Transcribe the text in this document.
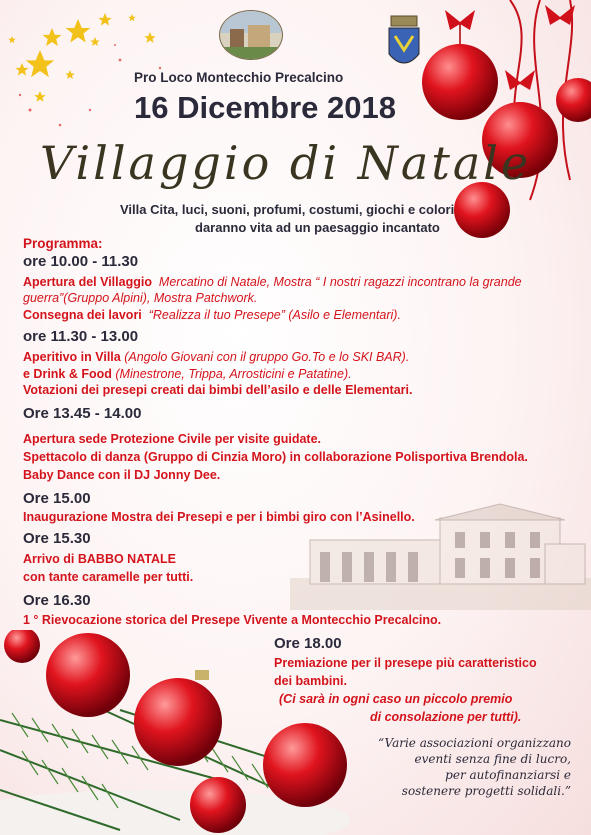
Pro Loco Montecchio Precalcino
16 Dicembre 2018
Villaggio di Natale
Villa Cita, luci, suoni, profumi, costumi, giochi e colori
daranno vita ad un paesaggio incantato
Programma:
ore 10.00 - 11.30
Apertura del Villaggio Mercatino di Natale, Mostra “ I nostri ragazzi incontrano la grande
guerra”(Gruppo Alpini), Mostra Patchwork.
Consegna dei lavori “Realizza il tuo Presepe” (Asilo e Elementari).
ore 11.30 - 13.00
Aperitivo in Villa (Angolo Giovani con il gruppo Go.To e lo SKI BAR).
e Drink & Food (Minestrone, Trippa, Arrosticini e Patatine).
Votazioni dei presepi creati dai bimbi dell’asilo e delle Elementari.
Ore 13.45 - 14.00
Apertura sede Protezione Civile per visite guidate.
Spettacolo di danza (Gruppo di Cinzia Moro) in collaborazione Polisportiva Brendola.
Baby Dance con il DJ Jonny Dee.
Ore 15.00
Inaugurazione Mostra dei Presepi e per i bimbi giro con l’Asinello.
Ore 15.30
Arrivo di BABBO NATALE
con tante caramelle per tutti.
Ore 16.30
1 ° Rievocazione storica del Presepe Vivente a Montecchio Precalcino.
Ore 18.00
Premiazione per il presepe più caratteristico
dei bambini.
(Ci sarà in ogni caso un piccolo premio
di consolazione per tutti).
“Varie associazioni organizzano
eventi senza fine di lucro,
per autofinanziarsi e
sostenere progetti solidali.”
